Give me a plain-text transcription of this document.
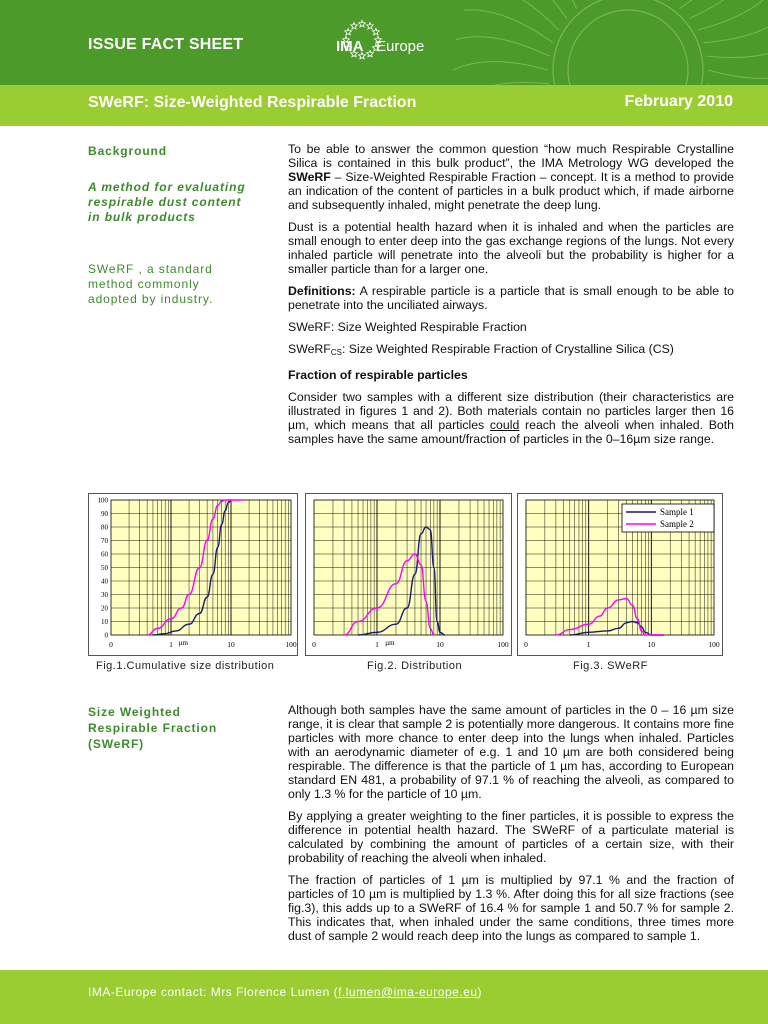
ISSUE FACT SHEET	IMA Europe
SWeRF: Size-Weighted Respirable Fraction	February 2010
Background
A method for evaluating respirable dust content in bulk products
SWeRF , a standard method commonly adopted by industry.
Size Weighted Respirable Fraction (SWeRF)

To be able to answer the common question “how much Respirable Crystalline Silica is contained in this bulk product”, the IMA Metrology WG developed the SWeRF – Size-Weighted Respirable Fraction – concept. It is a method to provide an indication of the content of particles in a bulk product which, if made airborne and subsequently inhaled, might penetrate the deep lung.

Dust is a potential health hazard when it is inhaled and when the particles are small enough to enter deep into the gas exchange regions of the lungs. Not every inhaled particle will penetrate into the alveoli but the probability is higher for a smaller particle than for a larger one.

Definitions: A respirable particle is a particle that is small enough to be able to penetrate into the unciliated airways.

SWeRF: Size Weighted Respirable Fraction

SWeRF$_{CS}$: Size Weighted Respirable Fraction of Crystalline Silica (CS)

Fraction of respirable particles

Consider two samples with a different size distribution (their characteristics are illustrated in figures 1 and 2). Both materials contain no particles larger then 16 µm, which means that all particles could reach the alveoli when inhaled. Both samples have the same amount/fraction of particles in the 0–16µm size range.

0	1	10	100
µm
0
10
20
30
40
50
60
70
80
90
100
0	1	10	100
µm	0	1	10	100
Sample 1
Sample 2
Fig.1.Cumulative size distribution	Fig.2. Distribution	Fig.3. SWeRF

Although both samples have the same amount of particles in the 0 – 16 µm size range, it is clear that sample 2 is potentially more dangerous. It contains more fine particles with more chance to enter deep into the lungs when inhaled. Particles with an aerodynamic diameter of e.g. 1 and 10 µm are both considered being respirable. The difference is that the particle of 1 µm has, according to European standard EN 481, a probability of 97.1 % of reaching the alveoli, as compared to only 1.3 % for the particle of 10 µm.

By applying a greater weighting to the finer particles, it is possible to express the difference in potential health hazard. The SWeRF of a particulate material is calculated by combining the amount of particles of a certain size, with their probability of reaching the alveoli when inhaled.

The fraction of particles of 1 µm is multiplied by 97.1 % and the fraction of particles of 10 µm is multiplied by 1.3 %. After doing this for all size fractions (see fig.3), this adds up to a SWeRF of 16.4 % for sample 1 and 50.7 % for sample 2. This indicates that, when inhaled under the same conditions, three times more dust of sample 2 would reach deep into the lungs as compared to sample 1.

IMA-Europe contact: Mrs Florence Lumen (f.lumen@ima-europe.eu)
